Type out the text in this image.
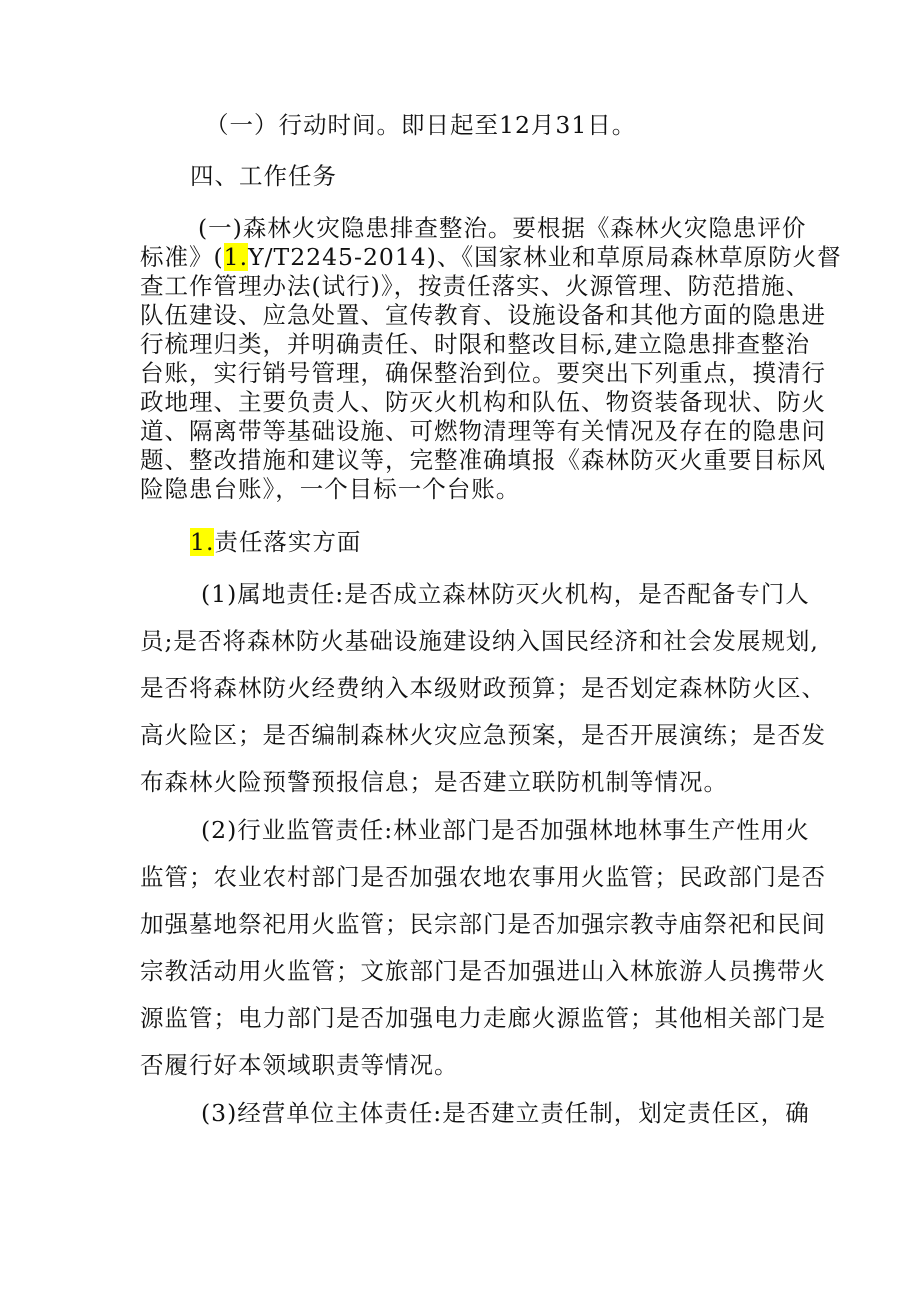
（一）行动时间。即日起至12月31日。
四、工作任务
(一)森林火灾隐患排查整治。要根据《森林火灾隐患评价
标准》(1.Y/T2245-2014)、《国家林业和草原局森林草原防火督
查工作管理办法(试行)》，按责任落实、火源管理、防范措施、
队伍建设、应急处置、宣传教育、设施设备和其他方面的隐患进
行梳理归类，并明确责任、时限和整改目标,建立隐患排查整治
台账，实行销号管理，确保整治到位。要突出下列重点，摸清行
政地理、主要负责人、防灭火机构和队伍、物资装备现状、防火
道、隔离带等基础设施、可燃物清理等有关情况及存在的隐患问
题、整改措施和建议等，完整准确填报《森林防灭火重要目标风
险隐患台账》，一个目标一个台账。
1.责任落实方面
(1)属地责任:是否成立森林防灭火机构，是否配备专门人
员;是否将森林防火基础设施建设纳入国民经济和社会发展规划,
是否将森林防火经费纳入本级财政预算；是否划定森林防火区、
高火险区；是否编制森林火灾应急预案，是否开展演练；是否发
布森林火险预警预报信息；是否建立联防机制等情况。
(2)行业监管责任:林业部门是否加强林地林事生产性用火
监管；农业农村部门是否加强农地农事用火监管；民政部门是否
加强墓地祭祀用火监管；民宗部门是否加强宗教寺庙祭祀和民间
宗教活动用火监管；文旅部门是否加强进山入林旅游人员携带火
源监管；电力部门是否加强电力走廊火源监管；其他相关部门是
否履行好本领域职责等情况。
(3)经营单位主体责任:是否建立责任制，划定责任区，确
